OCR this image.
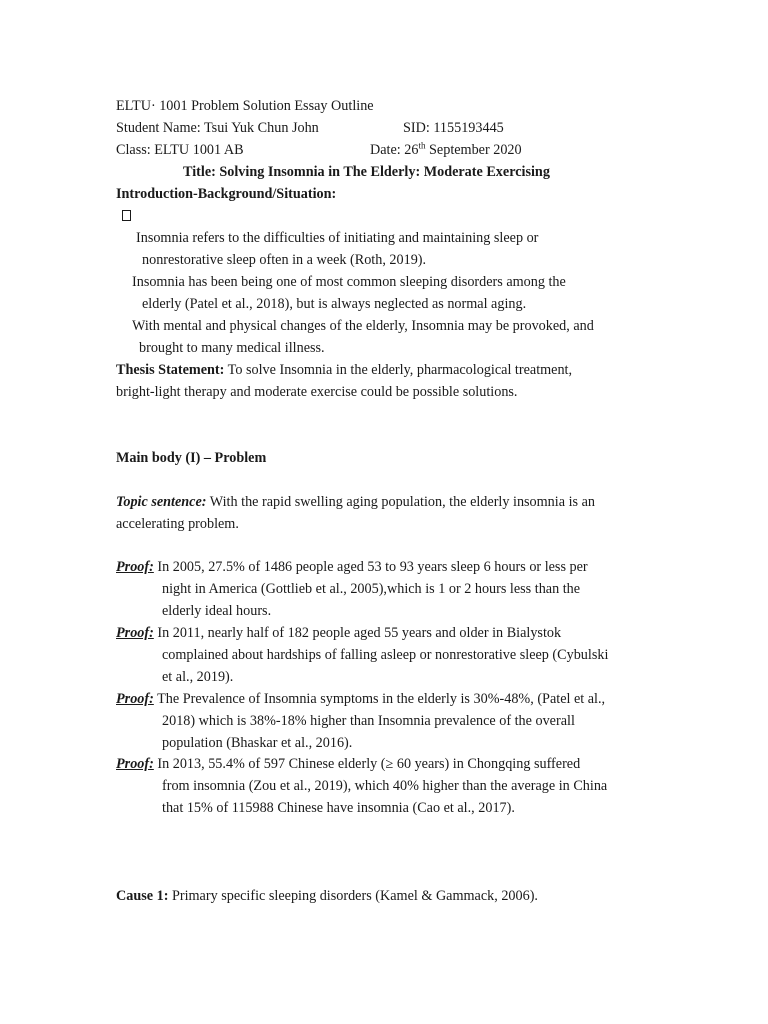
ELTU· 1001 Problem Solution Essay Outline
Student Name: Tsui Yuk Chun John	SID: 1155193445
Class: ELTU 1001 AB	Date: 26th September 2020
Title: Solving Insomnia in The Elderly: Moderate Exercising
Introduction-Background/Situation:
Insomnia refers to the difficulties of initiating and maintaining sleep or
nonrestorative sleep often in a week (Roth, 2019).
Insomnia has been being one of most common sleeping disorders among the
elderly (Patel et al., 2018), but is always neglected as normal aging.
With mental and physical changes of the elderly, Insomnia may be provoked, and
brought to many medical illness.
Thesis Statement: To solve Insomnia in the elderly, pharmacological treatment,
bright-light therapy and moderate exercise could be possible solutions.
Main body (I) – Problem
Topic sentence: With the rapid swelling aging population, the elderly insomnia is an
accelerating problem.
Proof: In 2005, 27.5% of 1486 people aged 53 to 93 years sleep 6 hours or less per
night in America (Gottlieb et al., 2005),which is 1 or 2 hours less than the
elderly ideal hours.
Proof: In 2011, nearly half of 182 people aged 55 years and older in Bialystok
complained about hardships of falling asleep or nonrestorative sleep (Cybulski
et al., 2019).
Proof: The Prevalence of Insomnia symptoms in the elderly is 30%-48%, (Patel et al.,
2018) which is 38%-18% higher than Insomnia prevalence of the overall
population (Bhaskar et al., 2016).
Proof: In 2013, 55.4% of 597 Chinese elderly (≥ 60 years) in Chongqing suffered
from insomnia (Zou et al., 2019), which 40% higher than the average in China
that 15% of 115988 Chinese have insomnia (Cao et al., 2017).
Cause 1: Primary specific sleeping disorders (Kamel & Gammack, 2006).
